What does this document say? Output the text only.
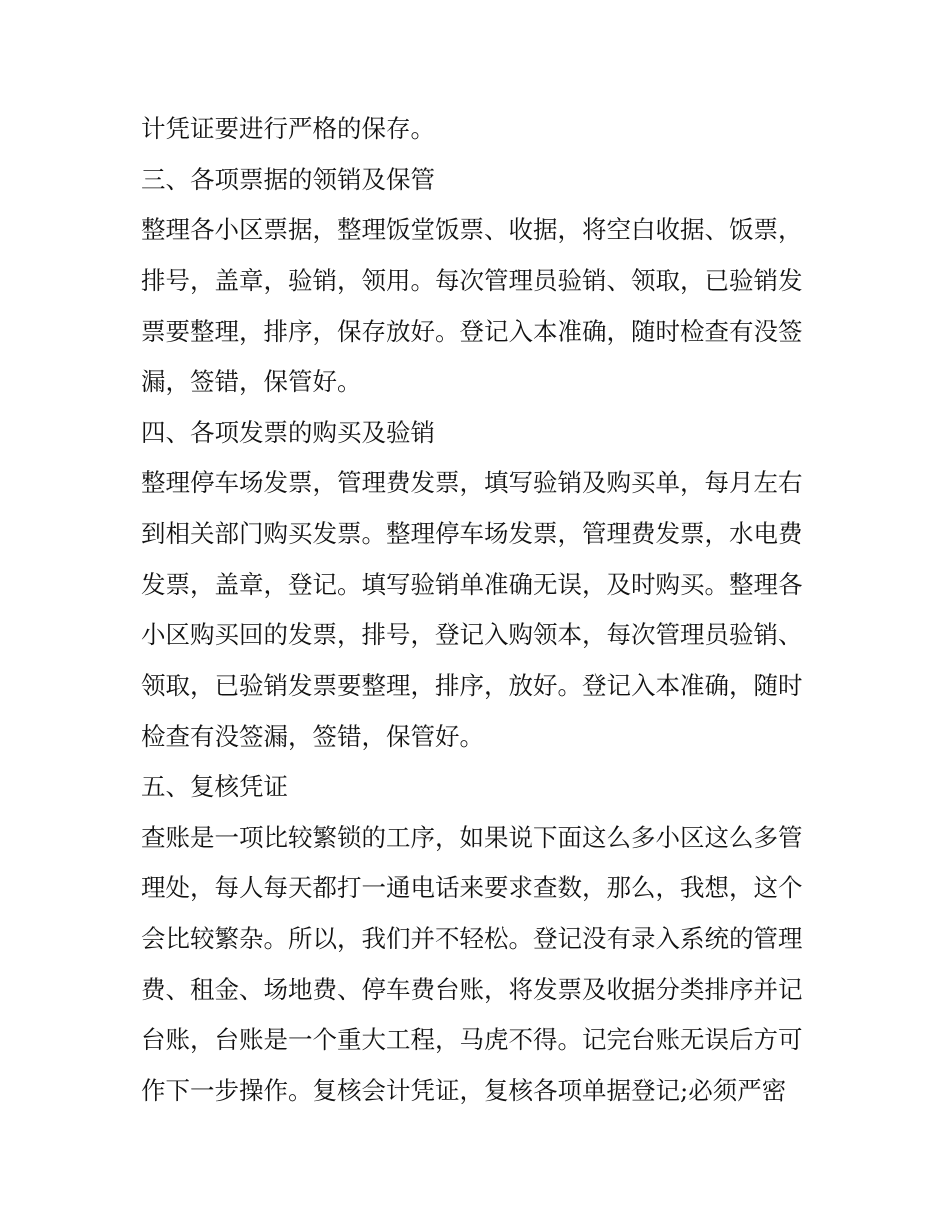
计凭证要进行严格的保存。
三、各项票据的领销及保管
整理各小区票据，整理饭堂饭票、收据，将空白收据、饭票，
排号，盖章，验销，领用。每次管理员验销、领取，已验销发
票要整理，排序，保存放好。登记入本准确，随时检查有没签
漏，签错，保管好。
四、各项发票的购买及验销
整理停车场发票，管理费发票，填写验销及购买单，每月左右
到相关部门购买发票。整理停车场发票，管理费发票，水电费
发票，盖章，登记。填写验销单准确无误，及时购买。整理各
小区购买回的发票，排号，登记入购领本，每次管理员验销、
领取，已验销发票要整理，排序，放好。登记入本准确，随时
检查有没签漏，签错，保管好。
五、复核凭证
查账是一项比较繁锁的工序，如果说下面这么多小区这么多管
理处，每人每天都打一通电话来要求查数，那么，我想，这个
会比较繁杂。所以，我们并不轻松。登记没有录入系统的管理
费、租金、场地费、停车费台账，将发票及收据分类排序并记
台账，台账是一个重大工程，马虎不得。记完台账无误后方可
作下一步操作。复核会计凭证，复核各项单据登记;必须严密
